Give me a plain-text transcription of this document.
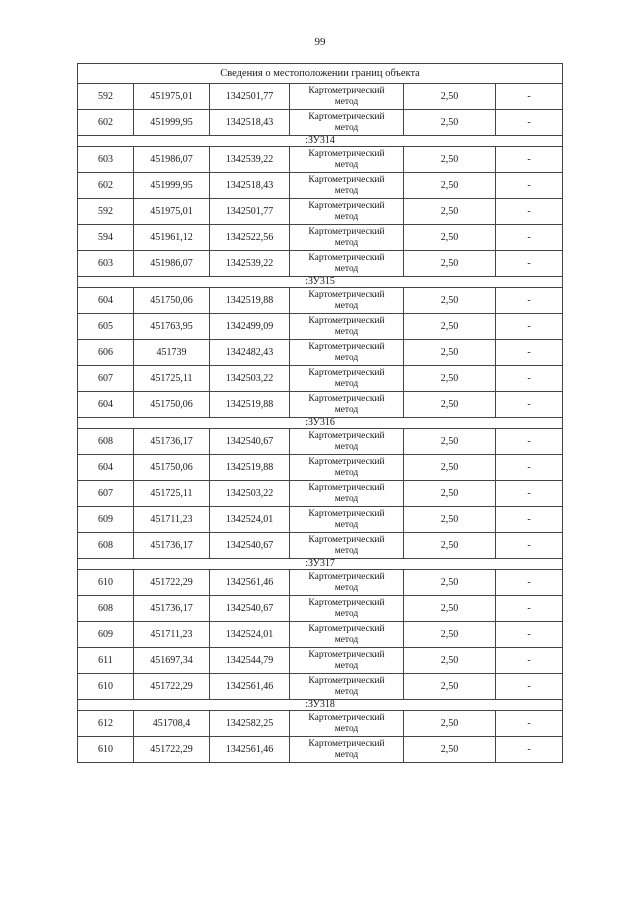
99
Сведения о местоположении границ объекта					
592	451975,01	1342501,77	Картометрический
метод	2,50	-
602	451999,95	1342518,43	Картометрический
метод	2,50	-
:ЗУ314					
603	451986,07	1342539,22	Картометрический
метод	2,50	-
602	451999,95	1342518,43	Картометрический
метод	2,50	-
592	451975,01	1342501,77	Картометрический
метод	2,50	-
594	451961,12	1342522,56	Картометрический
метод	2,50	-
603	451986,07	1342539,22	Картометрический
метод	2,50	-
:ЗУ315					
604	451750,06	1342519,88	Картометрический
метод	2,50	-
605	451763,95	1342499,09	Картометрический
метод	2,50	-
606	451739	1342482,43	Картометрический
метод	2,50	-
607	451725,11	1342503,22	Картометрический
метод	2,50	-
604	451750,06	1342519,88	Картометрический
метод	2,50	-
:ЗУ316					
608	451736,17	1342540,67	Картометрический
метод	2,50	-
604	451750,06	1342519,88	Картометрический
метод	2,50	-
607	451725,11	1342503,22	Картометрический
метод	2,50	-
609	451711,23	1342524,01	Картометрический
метод	2,50	-
608	451736,17	1342540,67	Картометрический
метод	2,50	-
:ЗУ317					
610	451722,29	1342561,46	Картометрический
метод	2,50	-
608	451736,17	1342540,67	Картометрический
метод	2,50	-
609	451711,23	1342524,01	Картометрический
метод	2,50	-
611	451697,34	1342544,79	Картометрический
метод	2,50	-
610	451722,29	1342561,46	Картометрический
метод	2,50	-
:ЗУ318					
612	451708,4	1342582,25	Картометрический
метод	2,50	-
610	451722,29	1342561,46	Картометрический
метод	2,50	-
